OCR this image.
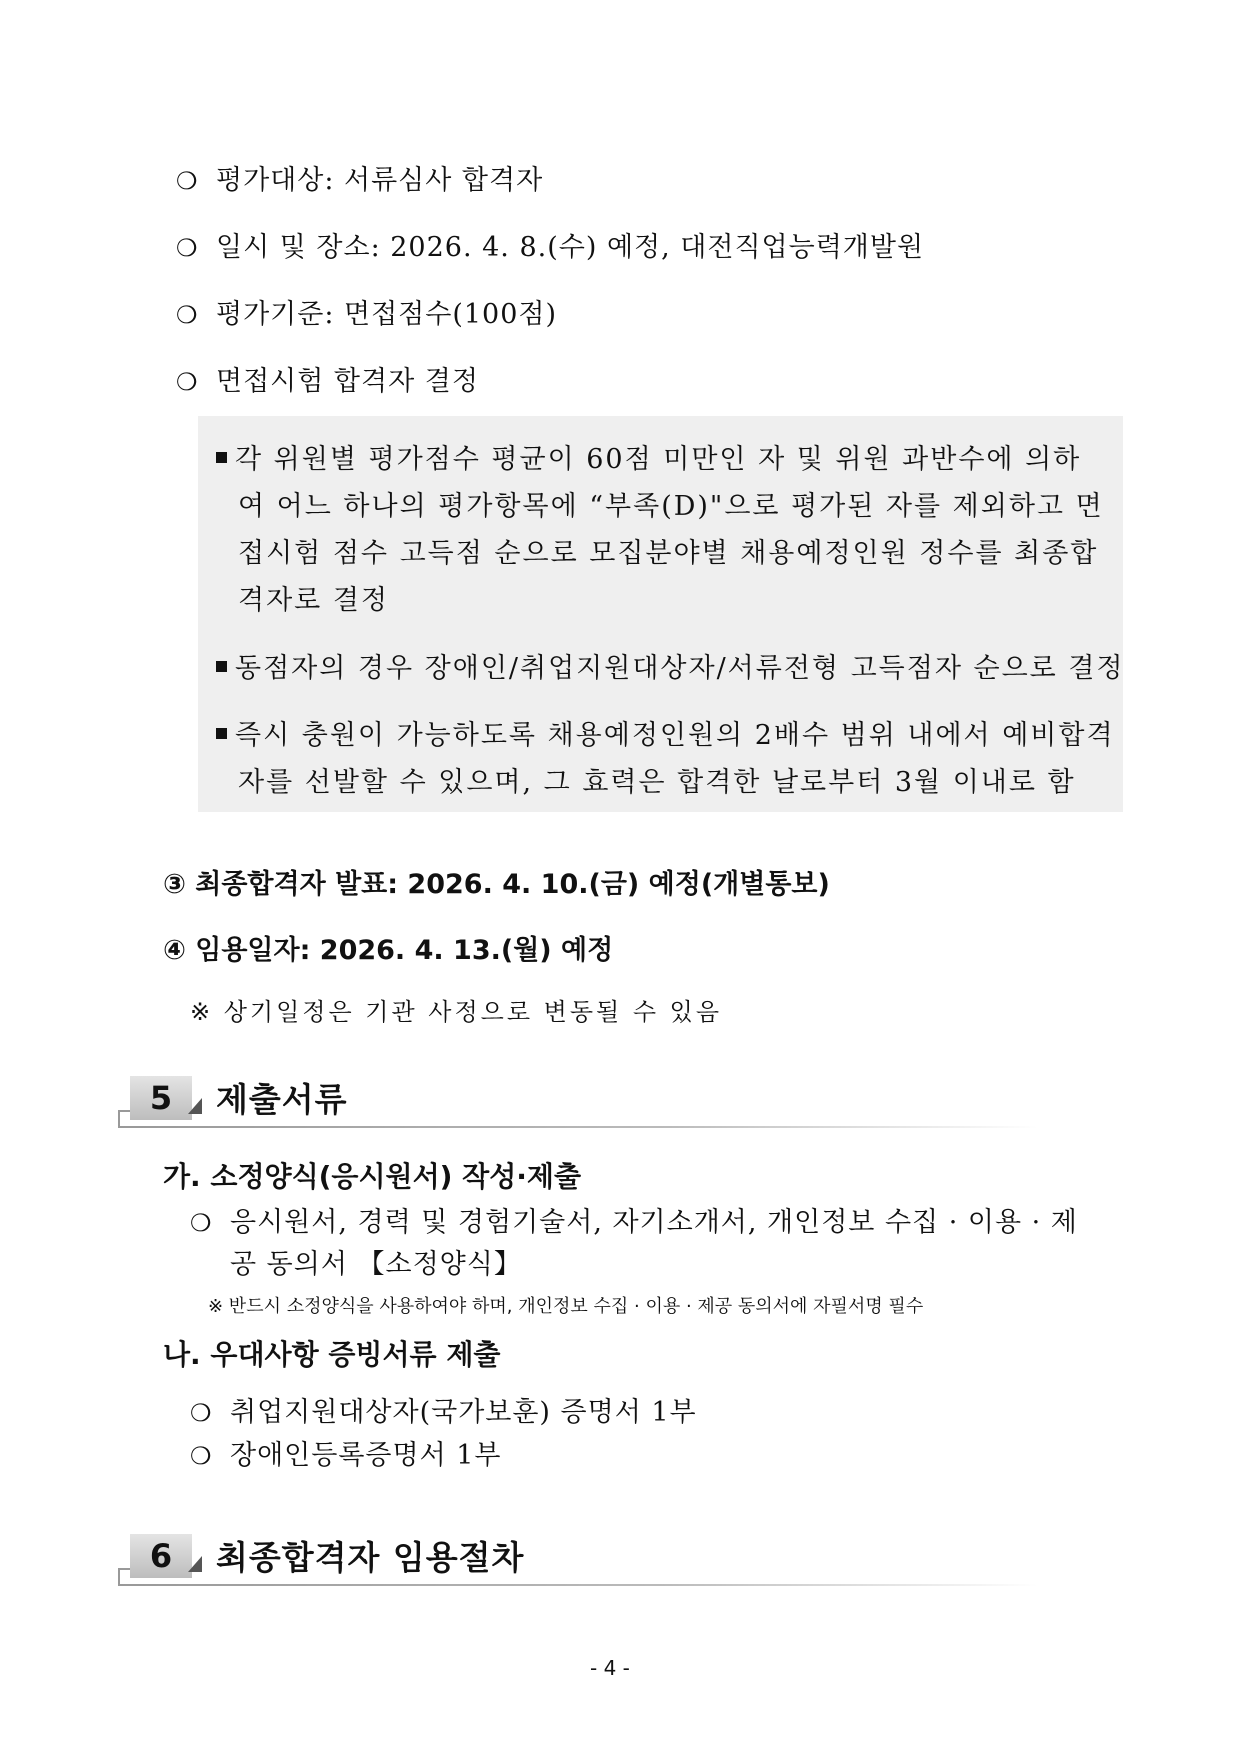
❍ 평가대상: 서류심사 합격자
❍ 일시 및 장소: 2026. 4. 8.(수) 예정, 대전직업능력개발원
❍ 평가기준: 면접점수(100점)
❍ 면접시험 합격자 결정
각 위원별 평가점수 평균이 60점 미만인 자 및 위원 과반수에 의하
여 어느 하나의 평가항목에 “부족(D)"으로 평가된 자를 제외하고 면
접시험 점수 고득점 순으로 모집분야별 채용예정인원 정수를 최종합
격자로 결정
동점자의 경우 장애인/취업지원대상자/서류전형 고득점자 순으로 결정
즉시 충원이 가능하도록 채용예정인원의 2배수 범위 내에서 예비합격
자를 선발할 수 있으며, 그 효력은 합격한 날로부터 3월 이내로 함
③ 최종합격자 발표: 2026. 4. 10.(금) 예정(개별통보)
④ 임용일자: 2026. 4. 13.(월) 예정
※ 상기일정은 기관 사정으로 변동될 수 있음
5	제출서류
가. 소정양식(응시원서) 작성·제출
❍ 응시원서, 경력 및 경험기술서, 자기소개서, 개인정보 수집 · 이용 · 제
공 동의서 【소정양식】
※ 반드시 소정양식을 사용하여야 하며, 개인정보 수집 · 이용 · 제공 동의서에 자필서명 필수
나. 우대사항 증빙서류 제출
❍ 취업지원대상자(국가보훈) 증명서 1부
❍ 장애인등록증명서 1부
6	최종합격자 임용절차
- 4 -
